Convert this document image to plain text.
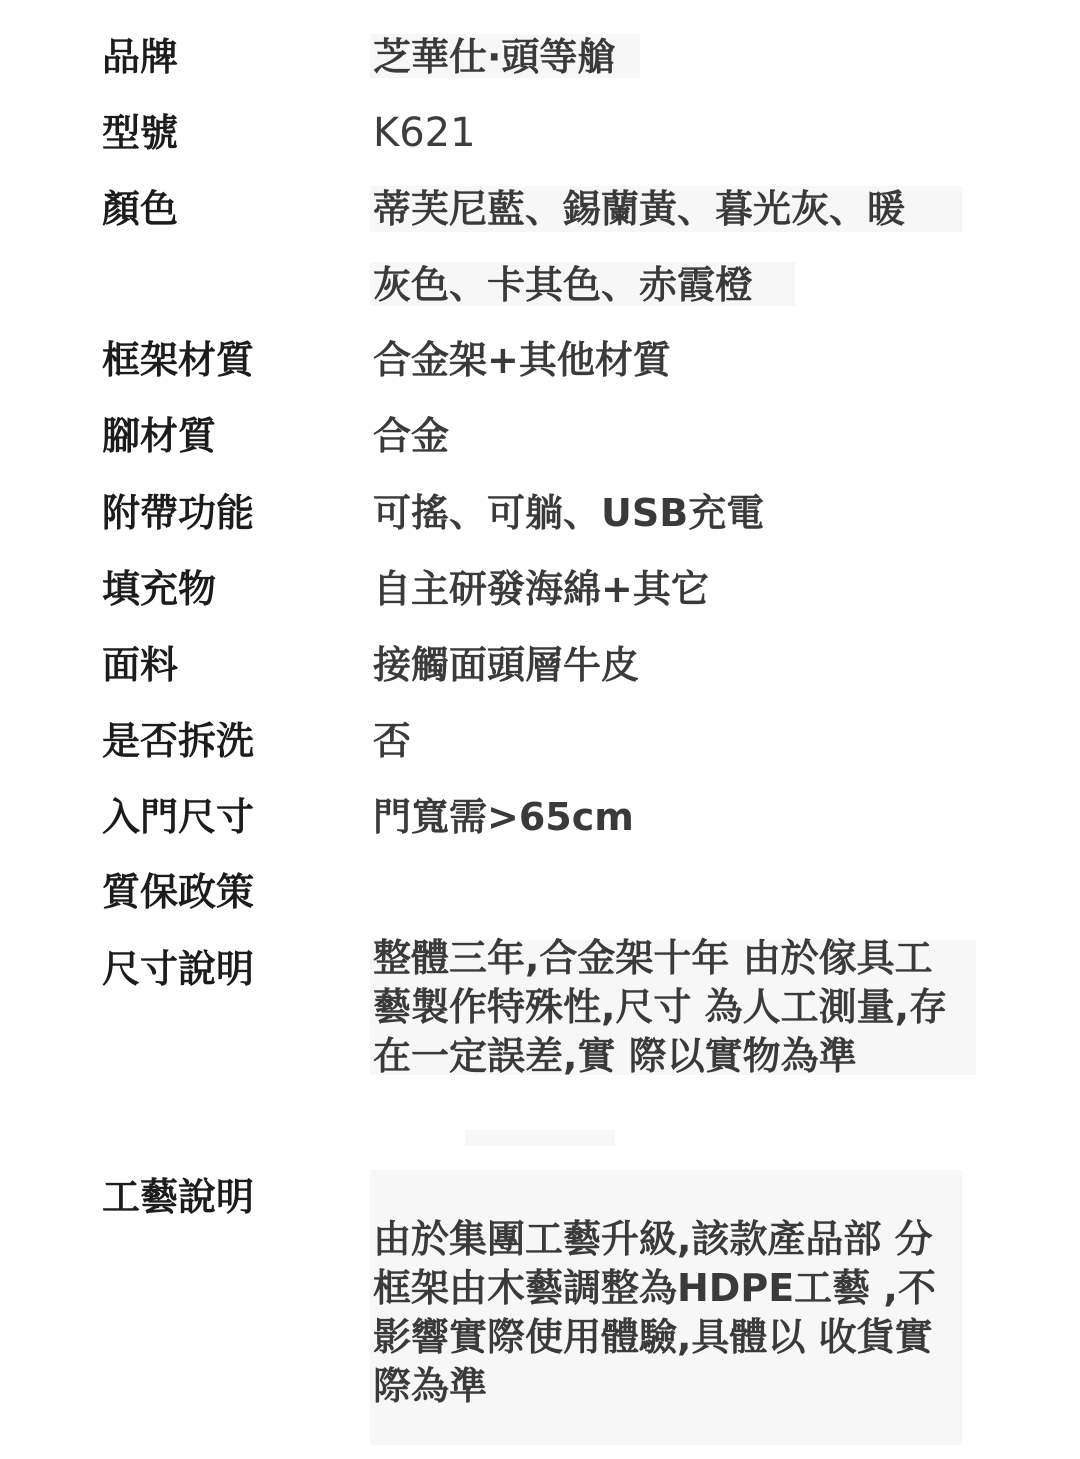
品牌	芝華仕·頭等艙
型號	K621
顏色	蒂芙尼藍、錫蘭黃、暮光灰、暖
灰色、卡其色、赤霞橙
框架材質	合金架+其他材質
腳材質	合金
附帶功能	可搖、可躺、USB充電
填充物	自主研發海綿+其它
面料	接觸面頭層牛皮
是否拆洗	否
入門尺寸	門寬需>65cm
質保政策
尺寸說明	整體三年,合金架十年 由於傢具工
藝製作特殊性,尺寸 為人工測量,存
在一定誤差,實 際以實物為準
工藝說明
由於集團工藝升級,該款產品部 分
框架由木藝調整為HDPE工藝 ,不
影響實際使用體驗,具體以 收貨實
際為準
